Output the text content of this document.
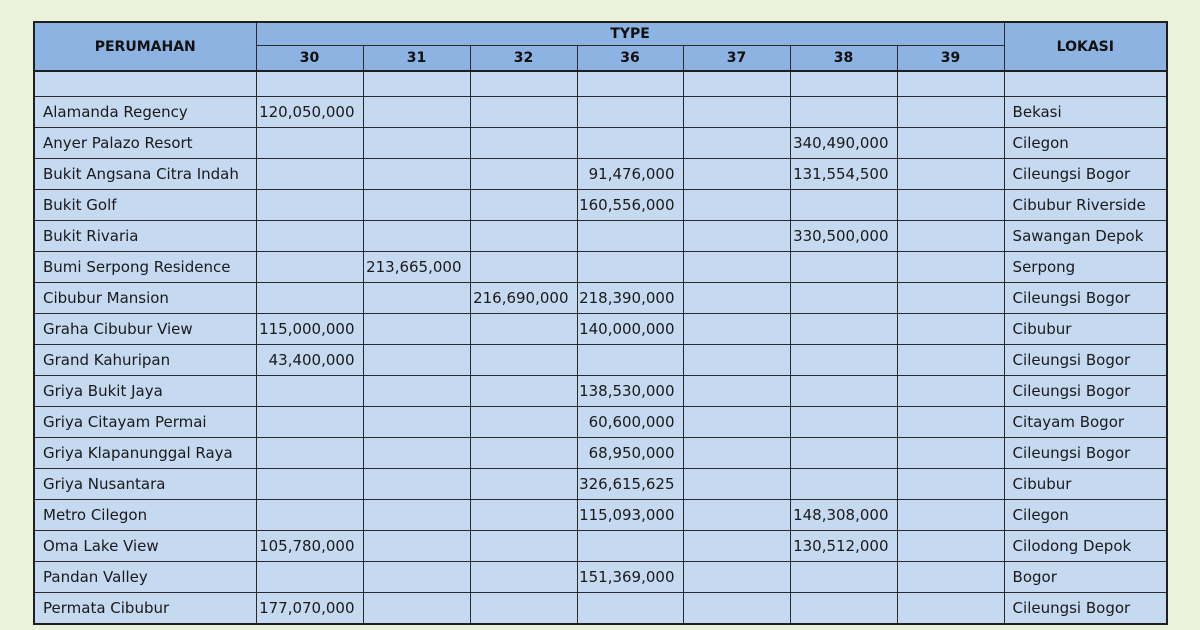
PERUMAHAN	TYPE							LOKASI
	30	31	32	36	37	38	39	

Alamanda Regency	120,050,000							Bekasi
Anyer Palazo Resort						340,490,000		Cilegon
Bukit Angsana Citra Indah				91,476,000		131,554,500		Cileungsi Bogor
Bukit Golf				160,556,000				Cibubur Riverside
Bukit Rivaria						330,500,000		Sawangan Depok
Bumi Serpong Residence		213,665,000						Serpong
Cibubur Mansion			216,690,000	218,390,000				Cileungsi Bogor
Graha Cibubur View	115,000,000			140,000,000				Cibubur
Grand Kahuripan	43,400,000							Cileungsi Bogor
Griya Bukit Jaya				138,530,000				Cileungsi Bogor
Griya Citayam Permai				60,600,000				Citayam Bogor
Griya Klapanunggal Raya				68,950,000				Cileungsi Bogor
Griya Nusantara				326,615,625				Cibubur
Metro Cilegon				115,093,000		148,308,000		Cilegon
Oma Lake View	105,780,000					130,512,000		Cilodong Depok
Pandan Valley				151,369,000				Bogor
Permata Cibubur	177,070,000							Cileungsi Bogor
